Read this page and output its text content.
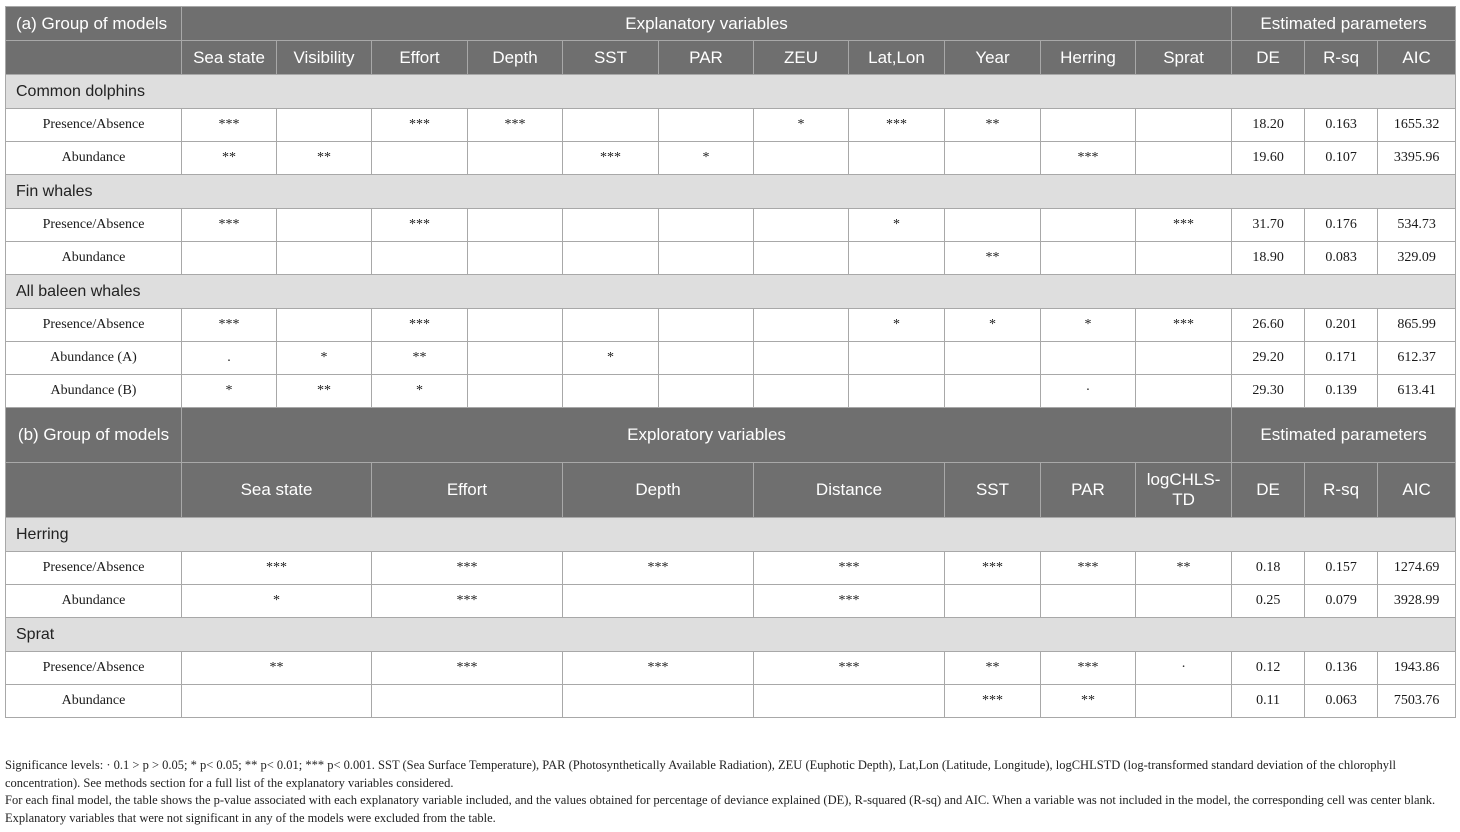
(a) Group of models	Explanatory variables											Estimated parameters		
	Sea state	Visibility	Effort	Depth	SST	PAR	ZEU	Lat,Lon	Year	Herring	Sprat	DE	R-sq	AIC
Common dolphins														
Presence/Absence	***		***	***			*	***	**			18.20	0.163	1655.32
Abundance	**	**			***	*				***		19.60	0.107	3395.96
Fin whales														
Presence/Absence	***		***					*			***	31.70	0.176	534.73
Abundance									**			18.90	0.083	329.09
All baleen whales														
Presence/Absence	***		***					*	*	*	***	26.60	0.201	865.99
Abundance (A)	.	*	**		*							29.20	0.171	612.37
Abundance (B)	*	**	*							·		29.30	0.139	613.41
(b) Group of models	Exploratory variables											Estimated parameters		
	Sea state		Effort		Depth		Distance		SST	PAR	logCHLS-TD	DE	R-sq	AIC
Herring														
Presence/Absence	***		***		***		***		***	***	**	0.18	0.157	1274.69
Abundance	*		***				***					0.25	0.079	3928.99
Sprat														
Presence/Absence	**		***		***		***		**	***	·	0.12	0.136	1943.86
Abundance									***	**		0.11	0.063	7503.76

Significance levels: · 0.1 > p > 0.05; * p< 0.05; ** p< 0.01; *** p< 0.001. SST (Sea Surface Temperature), PAR (Photosynthetically Available Radiation), ZEU (Euphotic Depth), Lat,Lon (Latitude, Longitude), logCHLSTD (log-transformed standard deviation of the chlorophyll concentration). See methods section for a full list of the explanatory variables considered.

For each final model, the table shows the p-value associated with each explanatory variable included, and the values obtained for percentage of deviance explained (DE), R-squared (R-sq) and AIC. When a variable was not included in the model, the corresponding cell was center blank. Explanatory variables that were not significant in any of the models were excluded from the table.
